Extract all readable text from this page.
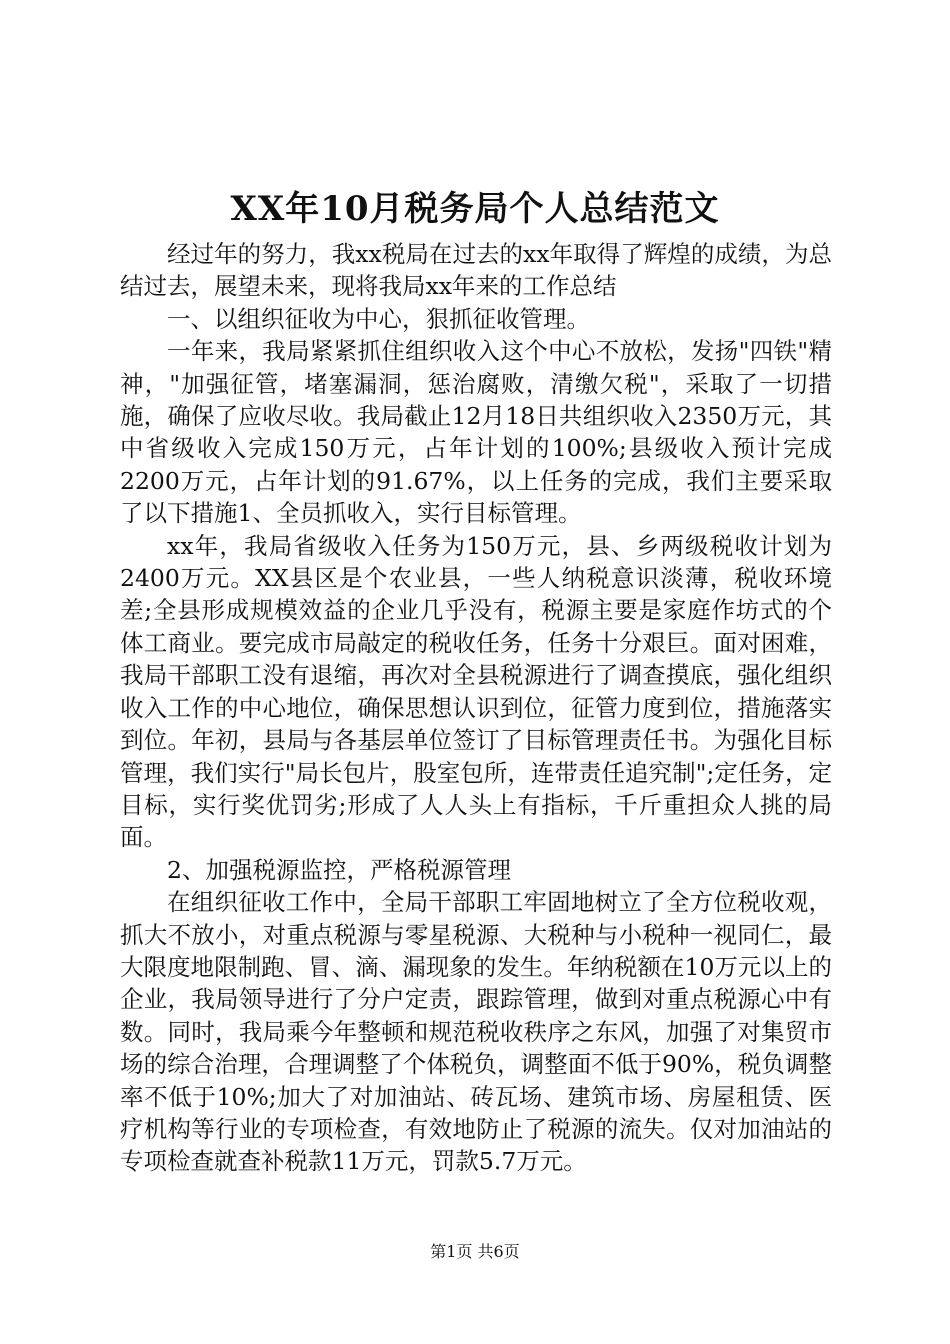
XX年10月税务局个人总结范文

经过年的努力，我xx税局在过去的xx年取得了辉煌的成绩，为总结过去，展望未来，现将我局xx年来的工作总结

一、以组织征收为中心，狠抓征收管理。

一年来，我局紧紧抓住组织收入这个中心不放松，发扬"四铁"精神，"加强征管，堵塞漏洞，惩治腐败，清缴欠税"，采取了一切措施，确保了应收尽收。我局截止12月18日共组织收入2350万元，其中省级收入完成150万元，占年计划的100%;县级收入预计完成2200万元，占年计划的91.67%，以上任务的完成，我们主要采取了以下措施1、全员抓收入，实行目标管理。

xx年，我局省级收入任务为150万元，县、乡两级税收计划为2400万元。XX县区是个农业县，一些人纳税意识淡薄，税收环境差;全县形成规模效益的企业几乎没有，税源主要是家庭作坊式的个体工商业。要完成市局敲定的税收任务，任务十分艰巨。面对困难，我局干部职工没有退缩，再次对全县税源进行了调查摸底，强化组织收入工作的中心地位，确保思想认识到位，征管力度到位，措施落实到位。年初，县局与各基层单位签订了目标管理责任书。为强化目标管理，我们实行"局长包片，股室包所，连带责任追究制";定任务，定目标，实行奖优罚劣;形成了人人头上有指标，千斤重担众人挑的局面。

2、加强税源监控，严格税源管理

在组织征收工作中，全局干部职工牢固地树立了全方位税收观，抓大不放小，对重点税源与零星税源、大税种与小税种一视同仁，最大限度地限制跑、冒、滴、漏现象的发生。年纳税额在10万元以上的企业，我局领导进行了分户定责，跟踪管理，做到对重点税源心中有数。同时，我局乘今年整顿和规范税收秩序之东风，加强了对集贸市场的综合治理，合理调整了个体税负，调整面不低于90%，税负调整率不低于10%;加大了对加油站、砖瓦场、建筑市场、房屋租赁、医疗机构等行业的专项检查，有效地防止了税源的流失。仅对加油站的专项检查就查补税款11万元，罚款5.7万元。

第1页 共6页
